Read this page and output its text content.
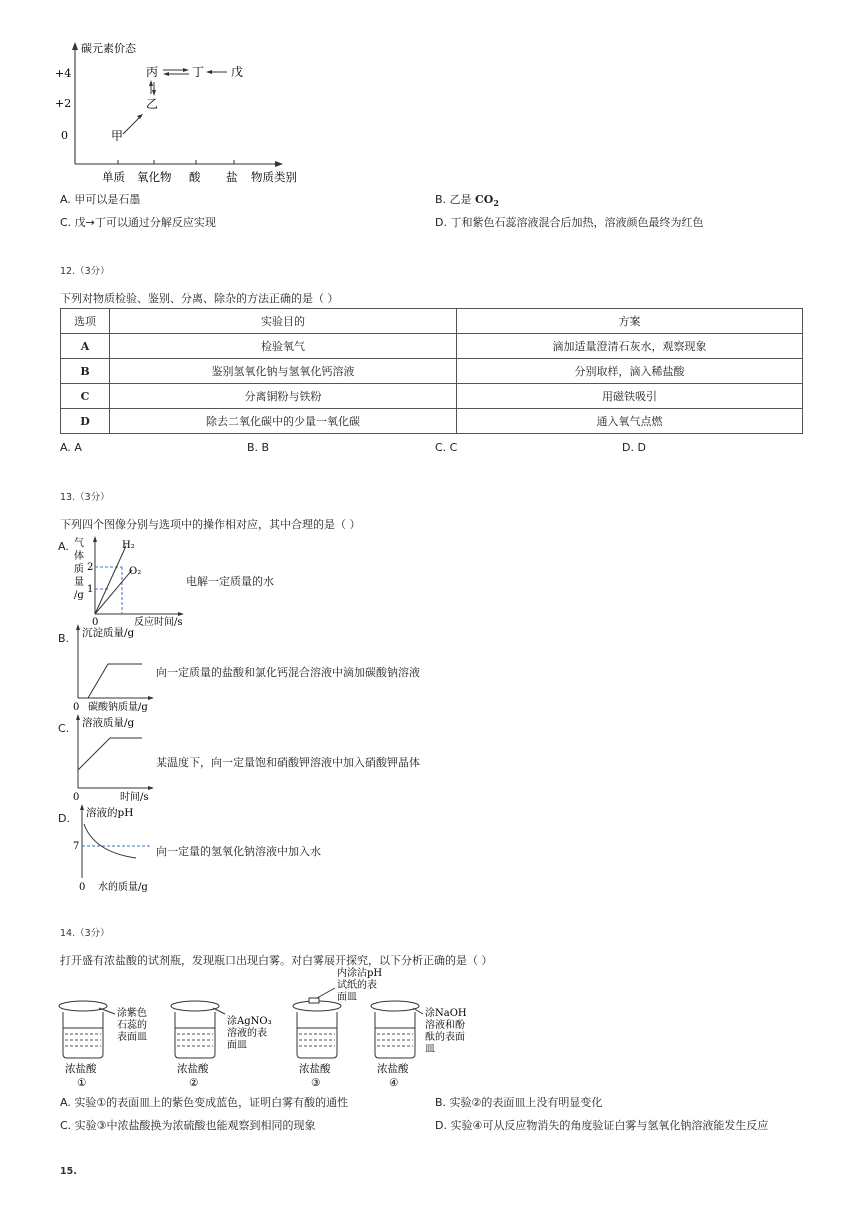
碳元素价态
+4
+2
0
丙	丁 戊
乙
甲
单质 氧化物 酸 盐 物质类别
A. 甲可以是石墨	B. 乙是 $CO_2$
C. 戊→丁可以通过分解反应实现	D. 丁和紫色石蕊溶液混合后加热，溶液颜色最终为红色
12.（3分）
下列对物质检验、鉴别、分离、除杂的方法正确的是（ ）
选项	实验目的	方案
A	检验氧气	滴加适量澄清石灰水，观察现象
B	鉴别氢氧化钠与氢氧化钙溶液	分别取样，滴入稀盐酸
C	分离铜粉与铁粉	用磁铁吸引
D	除去二氧化碳中的少量一氧化碳	通入氧气点燃
A. A	B. B	C. C	D. D
13.（3分）
下列四个图像分别与选项中的操作相对应，其中合理的是（ ）
A. 气
体
质
量
/g
2
1
H₂
O₂
0	反应时间/s
电解一定质量的水
B. 沉淀质量/g
0 碳酸钠质量/g
向一定质量的盐酸和氯化钙混合溶液中滴加碳酸钠溶液
C. 溶液质量/g
0	时间/s
某温度下，向一定量饱和硝酸钾溶液中加入硝酸钾晶体
D. 溶液的pH
7
0 水的质量/g
向一定量的氢氧化钠溶液中加入水
14.（3分）
打开盛有浓盐酸的试剂瓶，发现瓶口出现白雾。对白雾展开探究，以下分析正确的是（ ）
涂紫色
石蕊的
表面皿
浓盐酸
①
涂AgNO₃
溶液的表
面皿
浓盐酸
②
内涂沾pH
试纸的表
面皿
浓盐酸
③
涂NaOH
溶液和酚
酞的表面
皿
浓盐酸
④
A. 实验①的表面皿上的紫色变成蓝色，证明白雾有酸的通性	B. 实验②的表面皿上没有明显变化
C. 实验③中浓盐酸换为浓硫酸也能观察到相同的现象	D. 实验④可从反应物消失的角度验证白雾与氢氧化钠溶液能发生反应
15.
